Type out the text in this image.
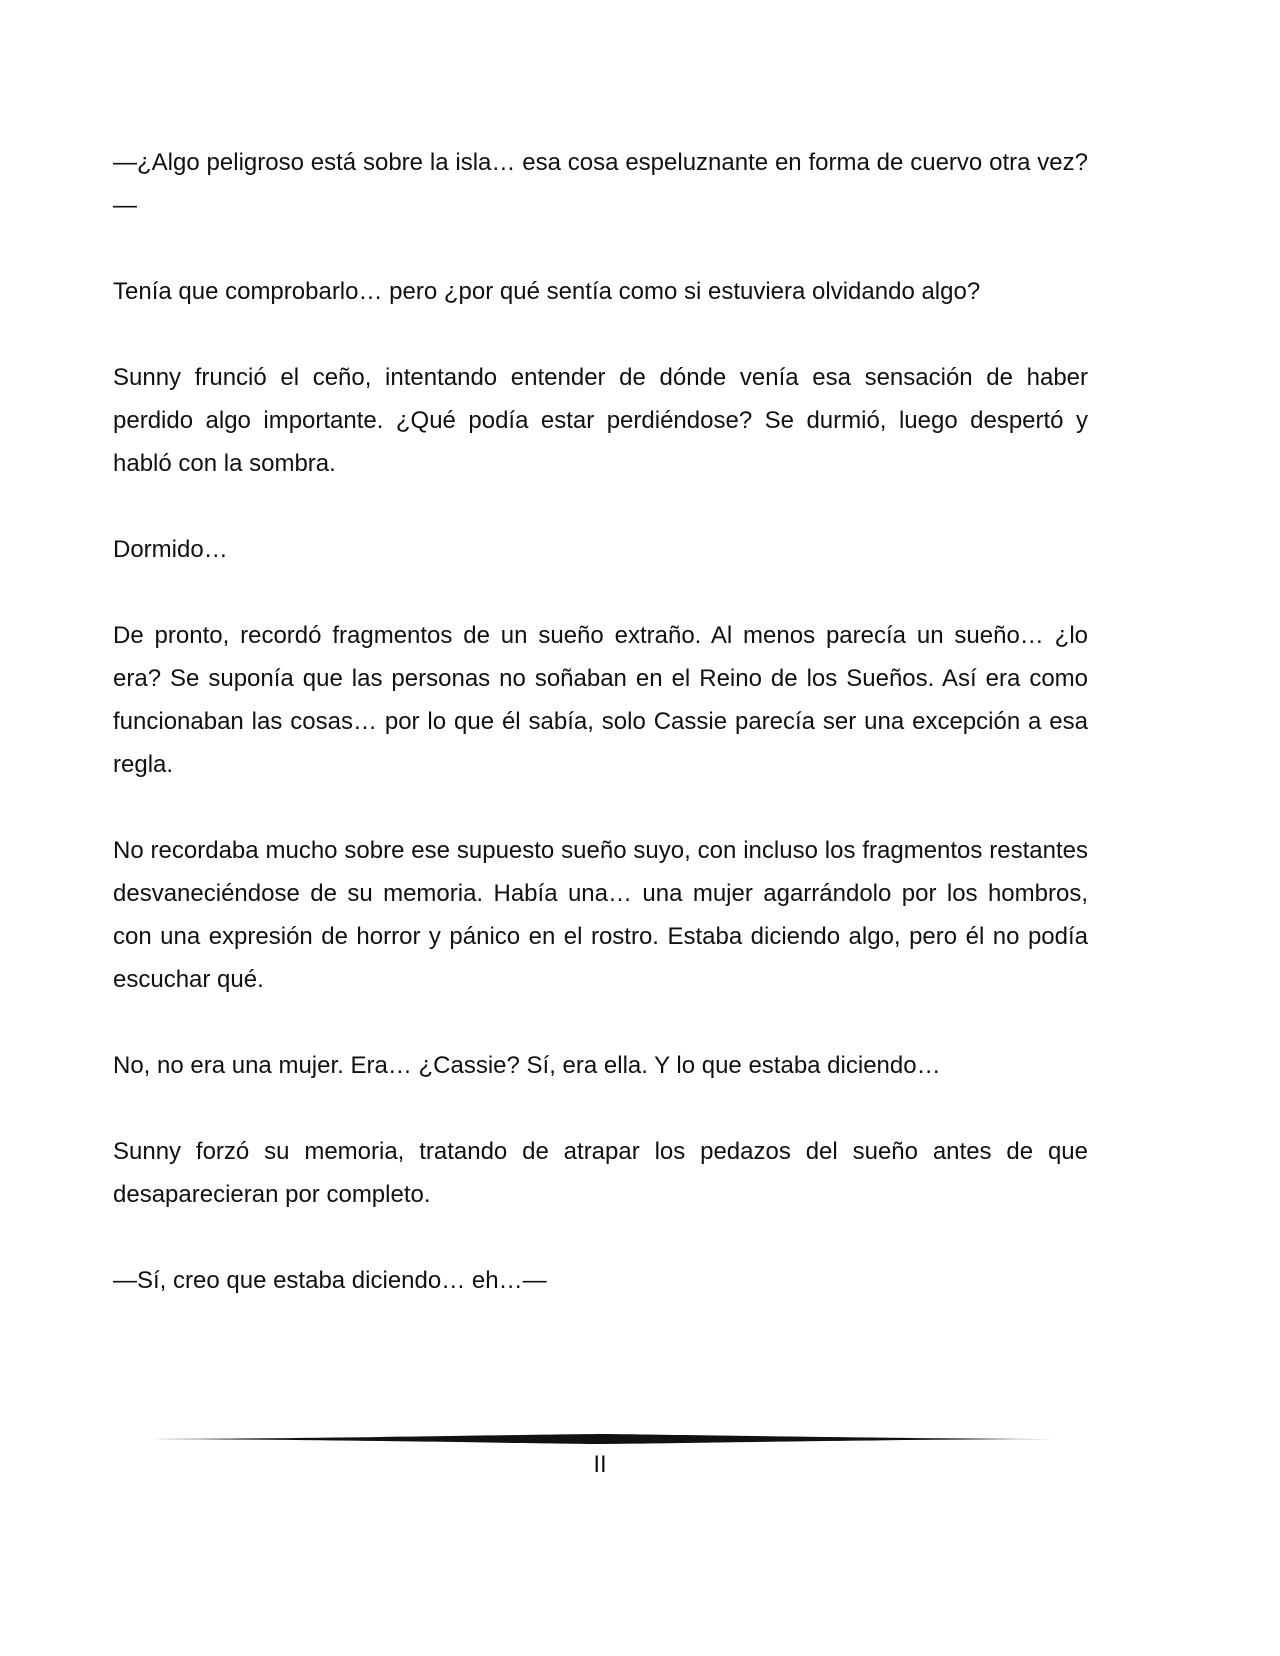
—¿Algo peligroso está sobre la isla… esa cosa espeluznante en forma de cuervo otra vez?—

Tenía que comprobarlo… pero ¿por qué sentía como si estuviera olvidando algo?

Sunny frunció el ceño, intentando entender de dónde venía esa sensación de haber perdido algo importante. ¿Qué podía estar perdiéndose? Se durmió, luego despertó y habló con la sombra.

Dormido…

De pronto, recordó fragmentos de un sueño extraño. Al menos parecía un sueño… ¿lo era? Se suponía que las personas no soñaban en el Reino de los Sueños. Así era como funcionaban las cosas… por lo que él sabía, solo Cassie parecía ser una excepción a esa regla.

No recordaba mucho sobre ese supuesto sueño suyo, con incluso los fragmentos restantes desvaneciéndose de su memoria. Había una… una mujer agarrándolo por los hombros, con una expresión de horror y pánico en el rostro. Estaba diciendo algo, pero él no podía escuchar qué.

No, no era una mujer. Era… ¿Cassie? Sí, era ella. Y lo que estaba diciendo…

Sunny forzó su memoria, tratando de atrapar los pedazos del sueño antes de que desaparecieran por completo.

—Sí, creo que estaba diciendo… eh…—

II
